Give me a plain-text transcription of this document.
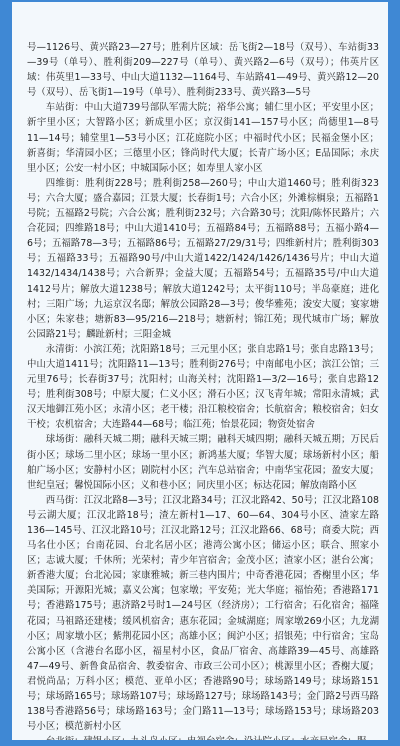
号—1126号、黄兴路23—27号；胜利片区域：岳飞街2—18号（双号）、车站街33—39号（单号）、胜利街209—227号（单号）、黄兴路2—6号（双号）；伟英片区域：伟英里1—33号、中山大道1132—1164号、车站路41—49号、黄兴路12—20号（双号）、岳飞街1—19号（单号）、胜利街233号、黄兴路3—5号

车站街：中山大道739号部队军需大院；裕华公寓；辅仁里小区；平安里小区；新宇里小区；大智路小区；新成里小区；京汉街141—157号小区；尚德里1—8号11—14号；辅堂里1—53号小区；江花庭院小区；中福时代小区；民福金堡小区；新喜街；华清园小区；三德里小区；锋尚时代大厦；长青广场小区；E品国际；永庆里小区；公安一村小区；中城国际小区；如寿里人家小区

四维街：胜利街228号；胜利街258—260号；中山大道1460号；胜利街323号；六合大厦；盛合嘉园；江景大厦；长春街1号；六合小区；外滩棕榈泉；五福路1号院；五福路2号院；六合公寓；胜利街232号；六合路30号；沈阳/陈怀民路片；六合花园；四维路18号；中山大道1410号；五福路84号；五福路88号；五福小路4—6号；五福路78—3号；五福路86号；五福路27/29/31号；四维新村片；胜利街303号；五福路33号；五福路90号/中山大道1422/1424/1426/1436号片；中山大道1432/1434/1438号；六合新界；金益大厦；五福路54号；五福路35号/中山大道1412号片；解放大道1238号；解放大道1242号；太平街110号；半岛豪庭；进化村；三阳广场；九运京汉名邸；解放公园路28—3号；俊华雅苑；浚安大厦；宴家塘小区；朱家巷；塘新83—95/216—218号；塘新村；锦江苑；现代城市广场；解放公园路21号；麟趾新村；三阳金城

永清街：小滨江苑；沈阳路18号；三元里小区；张自忠路1号；张自忠路13号；中山大道1411号；沈阳路11—13号；胜利街276号；中南邮电小区；滨江公馆；三元里76号；长春街37号；沈阳村；山海关村；沈阳路1—3/2—16号；张自忠路12号；胜利街308号；中原大厦；仁义小区；滑石小区；汉飞青年城；常阳永清城；武汉天地御江苑小区；永清小区；老干楼；沿江粮校宿舍；长航宿舍；粮校宿舍；妇女干校；农机宿舍；大连路44—68号；临江苑；怡景花园；物资处宿舍

球场街：融科天城二期；融科天城三期；融科天城四期；融科天城五期；万民后街小区；球场二里小区；球场一里小区；新鸿基大厦；华智大厦；球场新村小区；船舶广场小区；安静村小区；剧院村小区；汽车总站宿舍；中南华宝花园；盈安大厦；世纪皇冠；馨悦国际小区；义和巷小区；同庆里小区；标达花园；解放南路小区

西马街：江汉北路8—3号；江汉北路34号；江汉北路42、50号；江汉北路108号云湖大厦；江汉北路18号；渣左新村1—17、60—64、304号小区、渣家左路136—145号、江汉北路10号；江汉北路12号；江汉北路66、68号；商委大院；西马名仕小区；台南花园、台北名居小区；港湾公寓小区；储运小区；联合、照家小区；志诚大厦；千休所；光荣村；青少年宫宿舍；金茂小区；渣家小区；湛台公寓；新香港大厦；台北沁园；家康雅城；新三巷内围片；中奇香港花园；香榭里小区；华美国际；开源阳光城；嘉义公寓；包家墩；平安苑；光大华庭；福怡苑；香港路171号；香港路175号；惠济路2号时1—24号区（经济房）；工行宿舍；石化宿舍；福隆花园；马祖路还建楼；缓风机宿舍；惠东花园；金城湖庭；周家墩269小区；九龙湖小区；周家墩小区；紫荆花园小区；高雄小区；闽沪小区；招银苑；中行宿舍；宝岛公寓小区（含港台名邸小区，福星村小区，食品厂宿舍、高雄路39—45号、高雄路47—49号、新鲁食品宿舍、教委宿舍、市政三公司小区）；桃源里小区；香榭大厦；君悦尚品；万科小区；模范、亚单小区；香港路90号；球场路149号；球场路151号；球场路165号；球场路107号；球场路127号；球场路143号；金门路2号西马路138号香港路56号；球场路163号；金门路11—13号；球场路153号；球场路203号小区；模范新村小区
